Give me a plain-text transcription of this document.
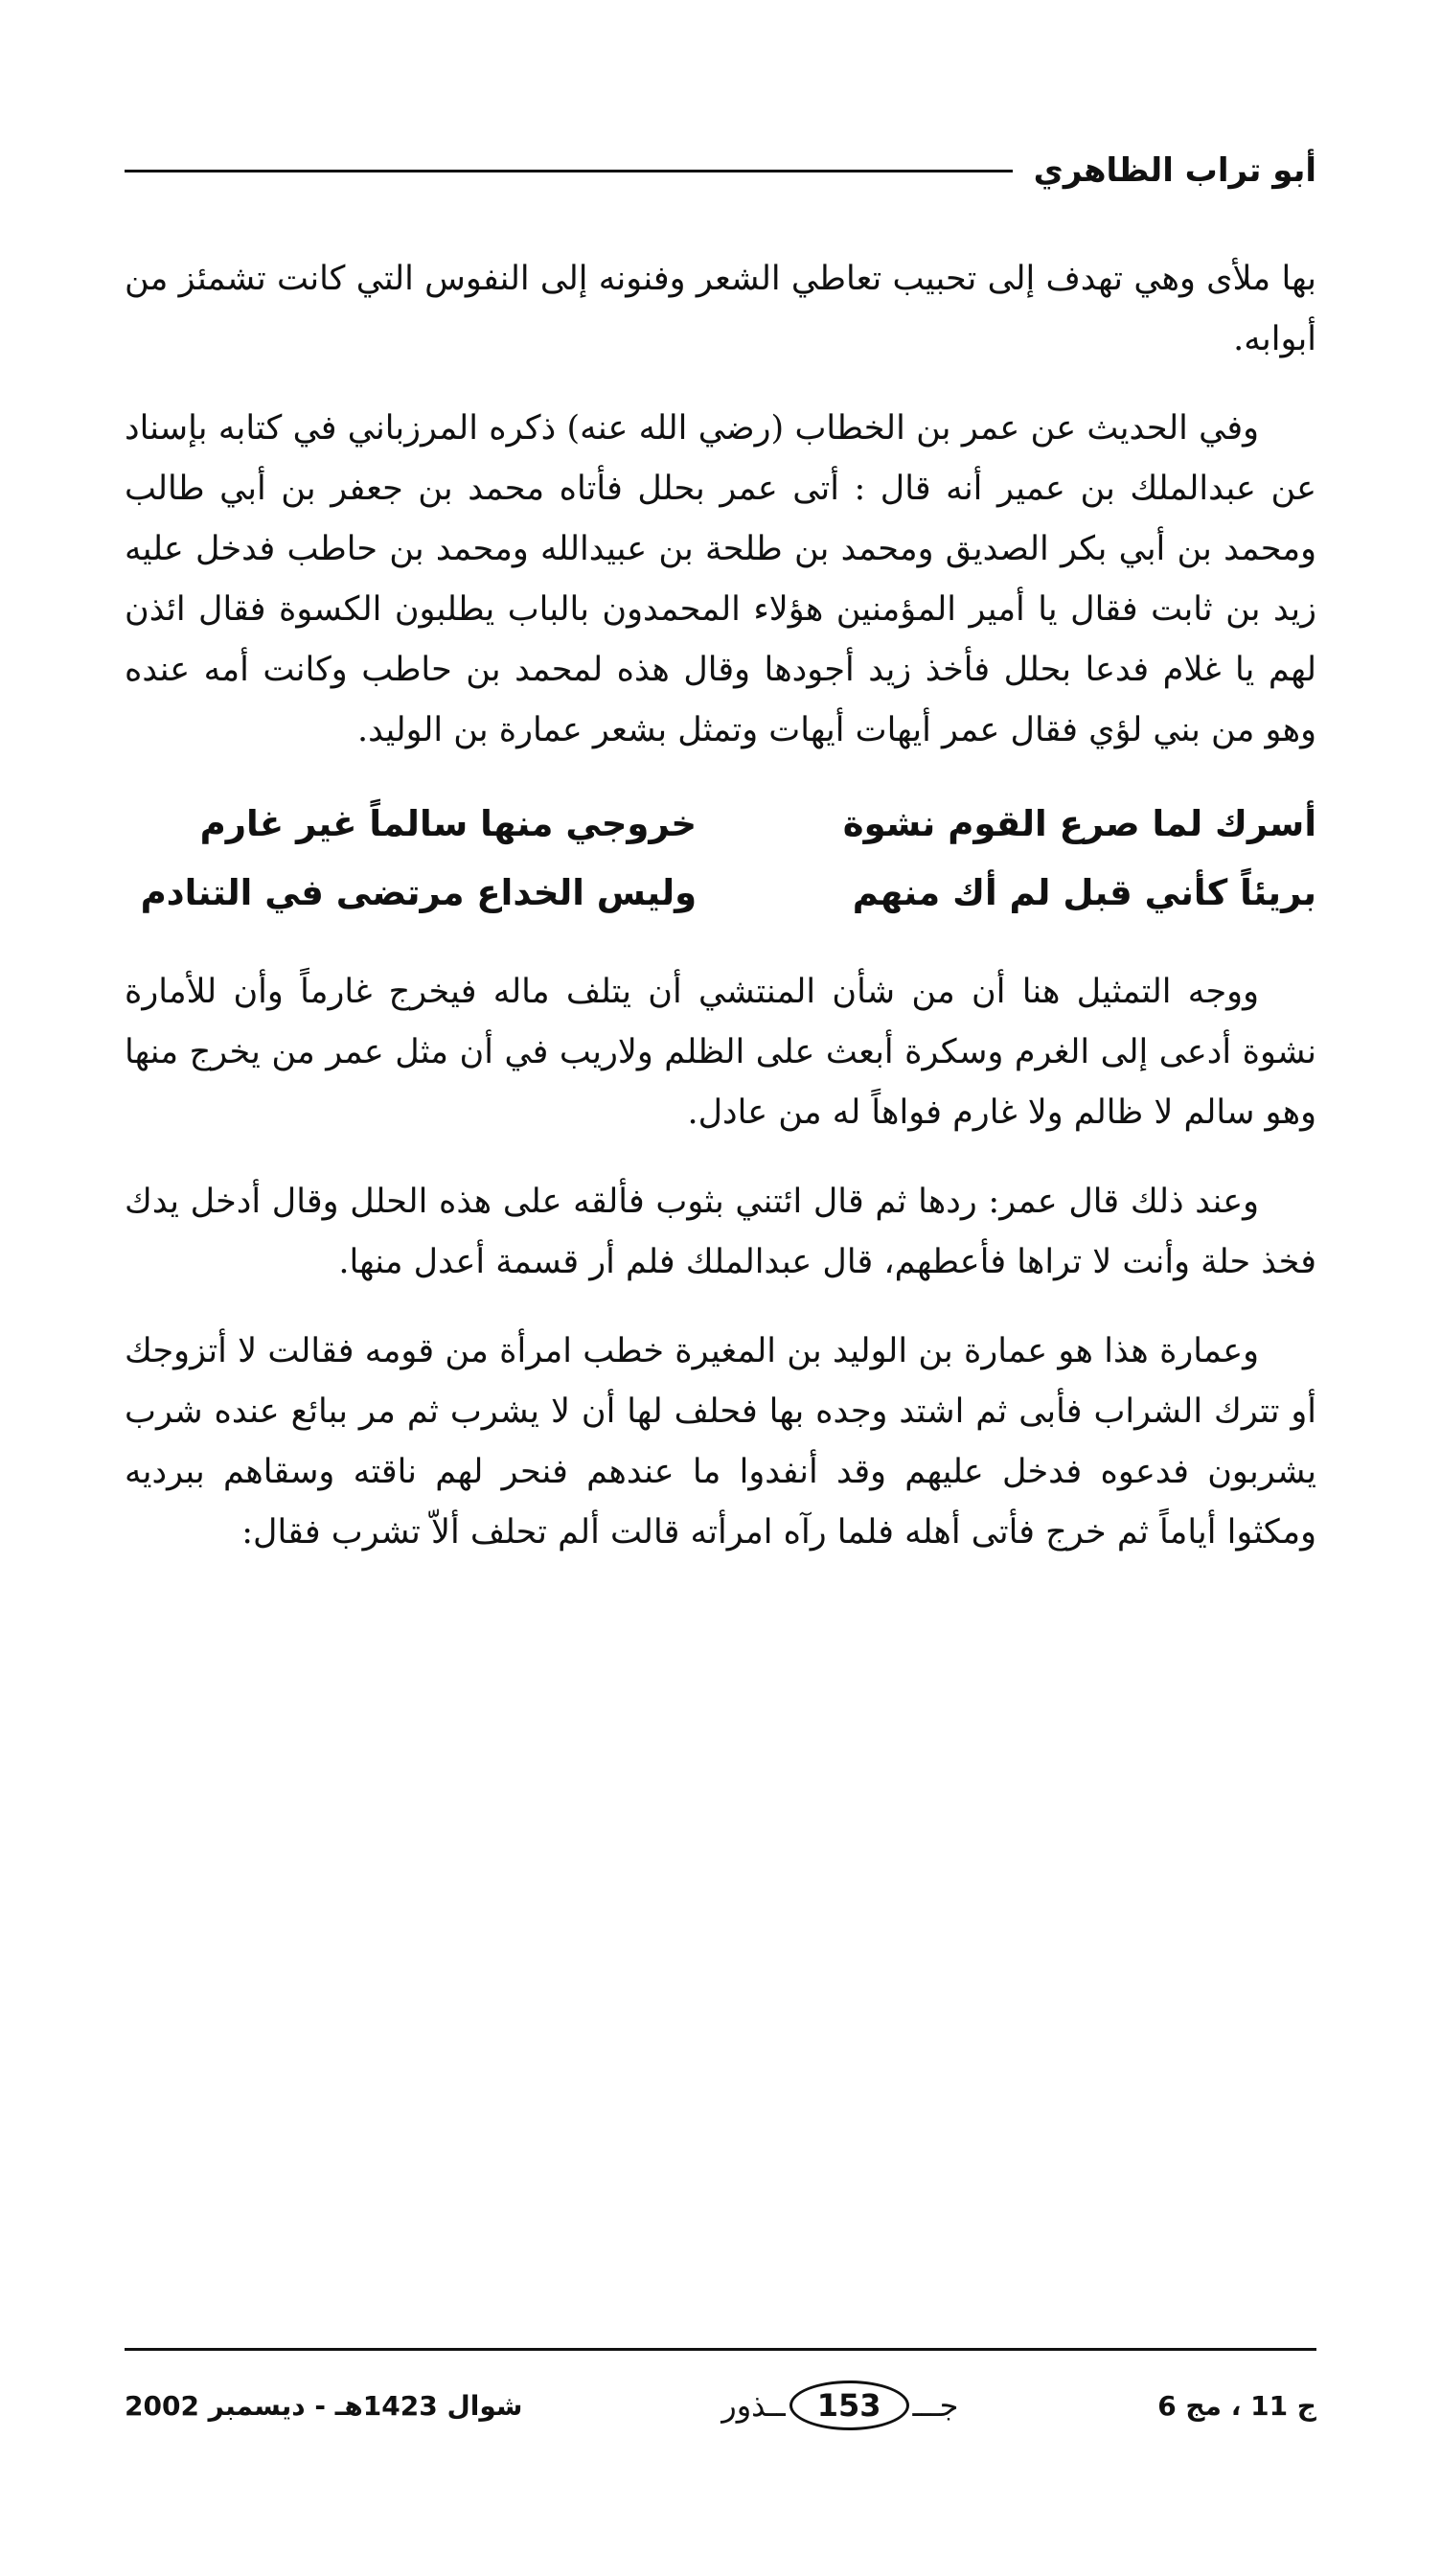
أبو تراب الظاهري

بها ملأى وهي تهدف إلى تحبيب تعاطي الشعر وفنونه إلى النفوس التي كانت تشمئز من أبوابه.

وفي الحديث عن عمر بن الخطاب (رضي الله عنه) ذكره المرزباني في كتابه بإسناد عن عبدالملك بن عمير أنه قال : أتى عمر بحلل فأتاه محمد بن جعفر بن أبي طالب ومحمد بن أبي بكر الصديق ومحمد بن طلحة بن عبيدالله ومحمد بن حاطب فدخل عليه زيد بن ثابت فقال يا أمير المؤمنين هؤلاء المحمدون بالباب يطلبون الكسوة فقال ائذن لهم يا غلام فدعا بحلل فأخذ زيد أجودها وقال هذه لمحمد بن حاطب وكانت أمه عنده وهو من بني لؤي فقال عمر أيهات أيهات وتمثل بشعر عمارة بن الوليد.

أسرك لما صرع القوم نشوة
خروجي منها سالماً غير غارم
بريئاً كأني قبل لم أك منهم
وليس الخداع مرتضى في التنادم

ووجه التمثيل هنا أن من شأن المنتشي أن يتلف ماله فيخرج غارماً وأن للأمارة نشوة أدعى إلى الغرم وسكرة أبعث على الظلم ولاريب في أن مثل عمر من يخرج منها وهو سالم لا ظالم ولا غارم فواهاً له من عادل.

وعند ذلك قال عمر: ردها ثم قال ائتني بثوب فألقه على هذه الحلل وقال أدخل يدك فخذ حلة وأنت لا تراها فأعطهم، قال عبدالملك فلم أر قسمة أعدل منها.

وعمارة هذا هو عمارة بن الوليد بن المغيرة خطب امرأة من قومه فقالت لا أتزوجك أو تترك الشراب فأبى ثم اشتد وجده بها فحلف لها أن لا يشرب ثم مر ببائع عنده شرب يشربون فدعوه فدخل عليهم وقد أنفدوا ما عندهم فنحر لهم ناقته وسقاهم ببرديه ومكثوا أياماً ثم خرج فأتى أهله فلما رآه امرأته قالت ألم تحلف ألاّ تشرب فقال:

ج 11 ، مج 6
جـــ
153
ــذور
شوال 1423هـ - ديسمبر 2002
